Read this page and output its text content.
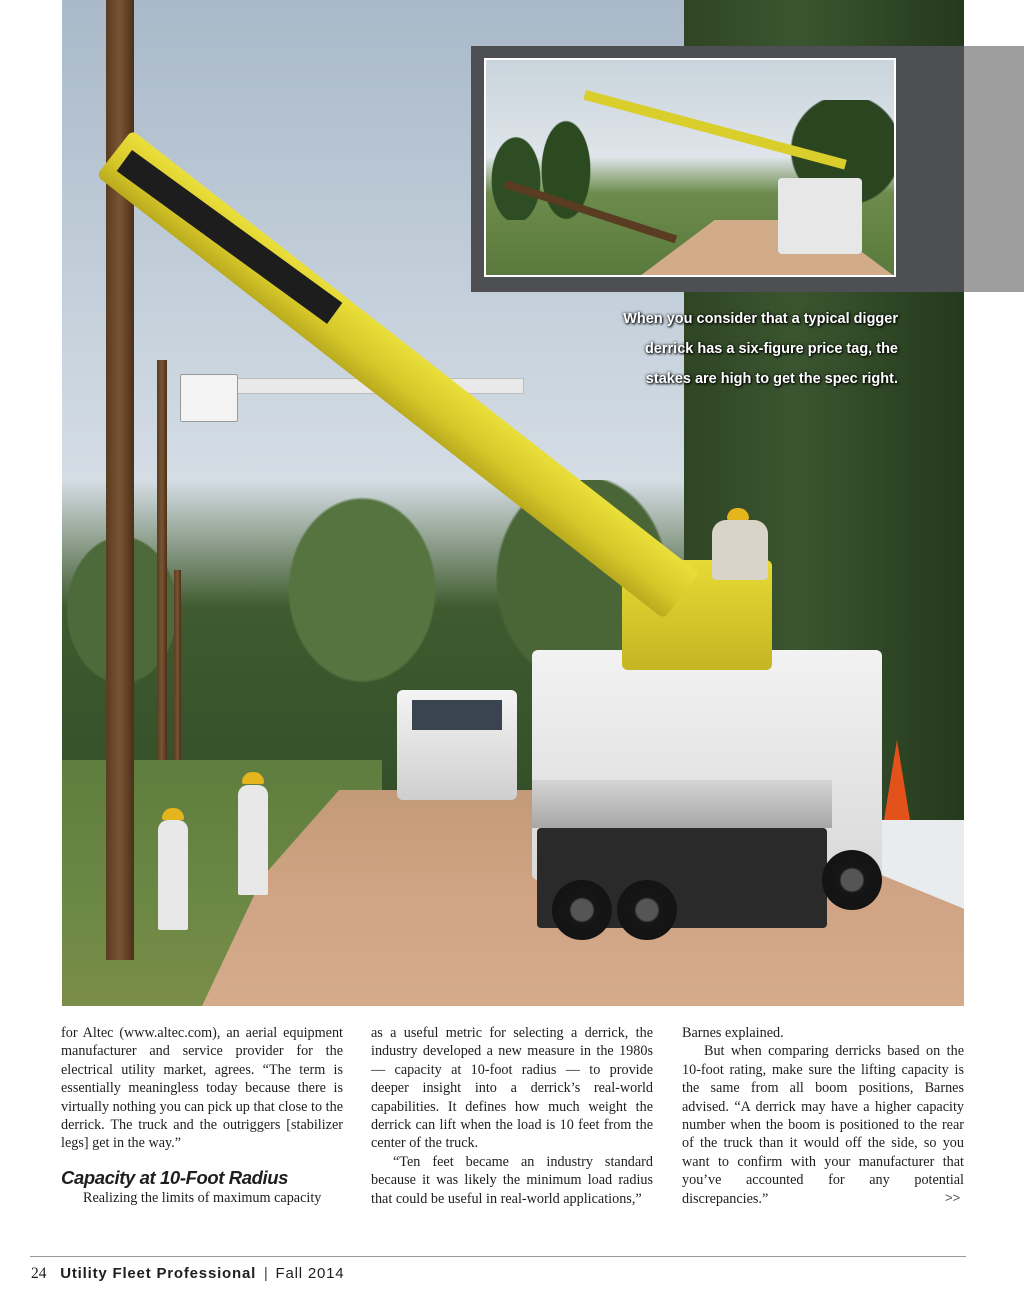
When you consider that a typical digger
derrick has a six-figure price tag, the
stakes are high to get the spec right.

for Altec (www.altec.com), an aerial equipment manufacturer and service provider for the electrical utility market, agrees. “The term is essentially meaningless today because there is virtually nothing you can pick up that close to the derrick. The truck and the outriggers [stabilizer legs] get in the way.”

Capacity at 10-Foot Radius

Realizing the limits of maximum capacity

as a useful metric for selecting a derrick, the industry developed a new measure in the 1980s — capacity at 10-foot radius — to provide deeper insight into a derrick’s real-world capabilities. It defines how much weight the derrick can lift when the load is 10 feet from the center of the truck.

“Ten feet became an industry standard because it was likely the minimum load radius that could be useful in real-world applications,”

Barnes explained.

But when comparing derricks based on the 10-foot rating, make sure the lifting capacity is the same from all boom positions, Barnes advised. “A derrick may have a higher capacity number when the boom is positioned to the rear of the truck than it would off the side, so you want to confirm with your manufacturer that you’ve accounted for any potential discrepancies.”	>>
24 Utility Fleet Professional | Fall 2014
